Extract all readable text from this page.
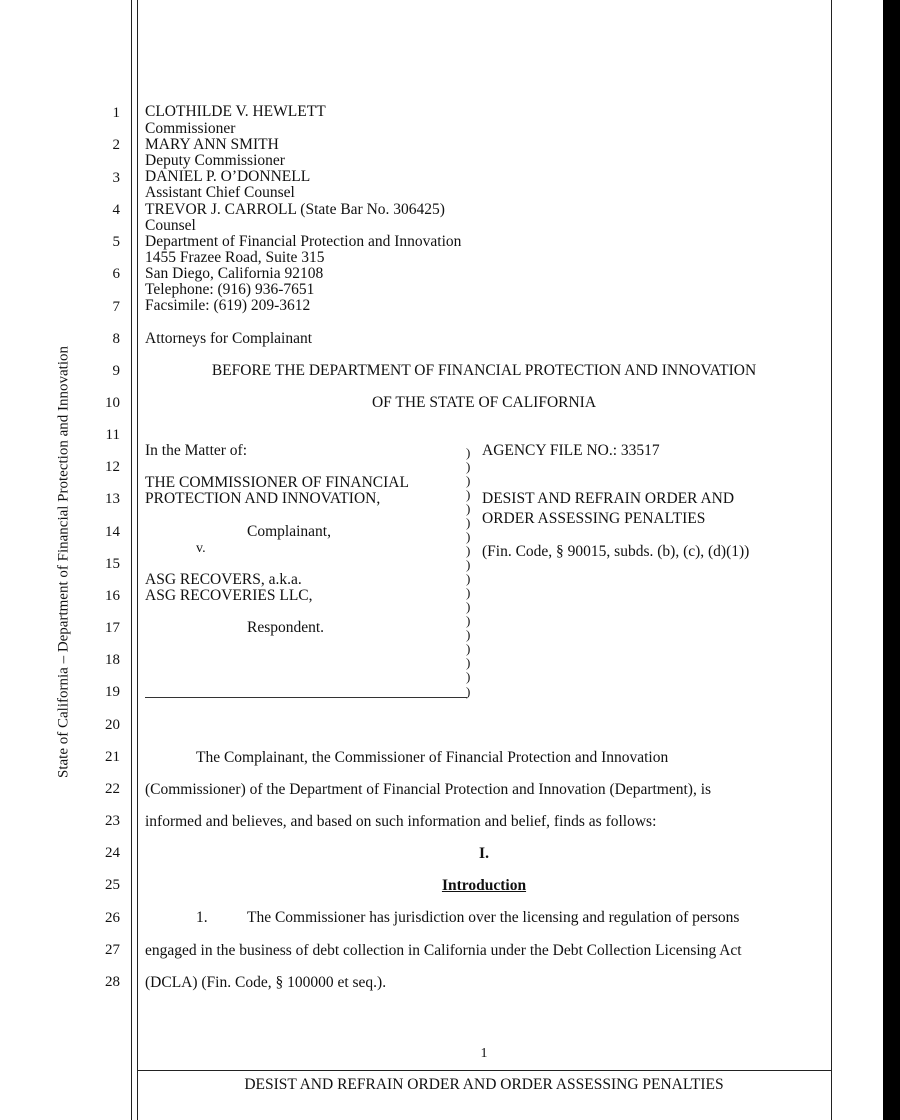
State of California – Department of Financial Protection and Innovation
1
2
3
4
5
6
7
8
9
10
11
12
13
14
15
16
17
18
19
20
21
22
23
24
25
26
27
28
CLOTHILDE V. HEWLETT
Commissioner
MARY ANN SMITH
Deputy Commissioner
DANIEL P. O’DONNELL
Assistant Chief Counsel
TREVOR J. CARROLL (State Bar No. 306425)
Counsel
Department of Financial Protection and Innovation
1455 Frazee Road, Suite 315
San Diego, California 92108
Telephone: (916) 936-7651
Facsimile: (619) 209-3612
Attorneys for Complainant
BEFORE THE DEPARTMENT OF FINANCIAL PROTECTION AND INNOVATION
OF THE STATE OF CALIFORNIA
In the Matter of:
THE COMMISSIONER OF FINANCIAL
PROTECTION AND INNOVATION,
Complainant,
v.
ASG RECOVERS, a.k.a.
ASG RECOVERIES LLC,
Respondent.
)
)
)
)
)
)
)
)
)
)
)
)
)
)
)
)
)
)
AGENCY FILE NO.: 33517
DESIST AND REFRAIN ORDER AND
ORDER ASSESSING PENALTIES
(Fin. Code, § 90015, subds. (b), (c), (d)(1))
The Complainant, the Commissioner of Financial Protection and Innovation
(Commissioner) of the Department of Financial Protection and Innovation (Department), is
informed and believes, and based on such information and belief, finds as follows:
I.
Introduction
1.	The Commissioner has jurisdiction over the licensing and regulation of persons
engaged in the business of debt collection in California under the Debt Collection Licensing Act
(DCLA) (Fin. Code, § 100000 et seq.).
1
DESIST AND REFRAIN ORDER AND ORDER ASSESSING PENALTIES
